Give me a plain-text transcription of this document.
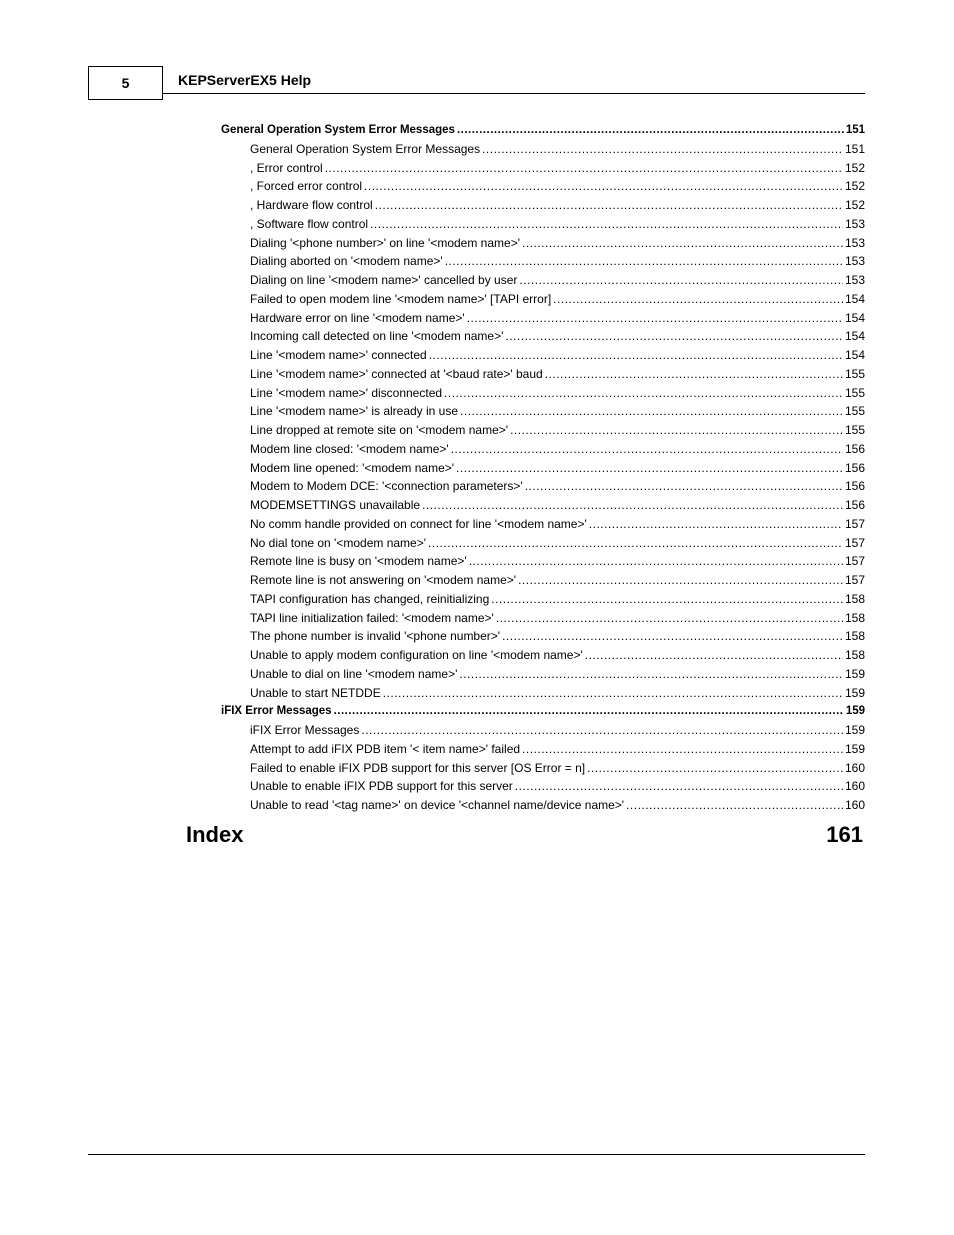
5	KEPServerEX5 Help
General Operation System Error Messages .....	151
General Operation System Error Messages .....	151
, Error control .....	152
, Forced error control .....	152
, Hardware flow control .....	152
, Software flow control .....	153
Dialing '<phone number>' on line '<modem name>' .....	153
Dialing aborted on '<modem name>' .....	153
Dialing on line '<modem name>' cancelled by user .....	153
Failed to open modem line '<modem name>' [TAPI error] .....	154
Hardware error on line '<modem name>' .....	154
Incoming call detected on line '<modem name>' .....	154
Line '<modem name>' connected .....	154
Line '<modem name>' connected at '<baud rate>' baud .....	155
Line '<modem name>' disconnected .....	155
Line '<modem name>' is already in use .....	155
Line dropped at remote site on '<modem name>' .....	155
Modem line closed: '<modem name>' .....	156
Modem line opened: '<modem name>' .....	156
Modem to Modem DCE: '<connection parameters>' .....	156
MODEMSETTINGS unavailable .....	156
No comm handle provided on connect for line '<modem name>' .....	157
No dial tone on '<modem name>' .....	157
Remote line is busy on '<modem name>' .....	157
Remote line is not answering on '<modem name>' .....	157
TAPI configuration has changed, reinitializing .....	158
TAPI line initialization failed: '<modem name>' .....	158
The phone number is invalid '<phone number>' .....	158
Unable to apply modem configuration on line '<modem name>' .....	158
Unable to dial on line '<modem name>' .....	159
Unable to start NETDDE .....	159
iFIX Error Messages .....	159
iFIX Error Messages .....	159
Attempt to add iFIX PDB item '< item name>' failed .....	159
Failed to enable iFIX PDB support for this server [OS Error = n] .....	160
Unable to enable iFIX PDB support for this server .....	160
Unable to read '<tag name>' on device '<channel name/device name>' .....	160
Index	161
